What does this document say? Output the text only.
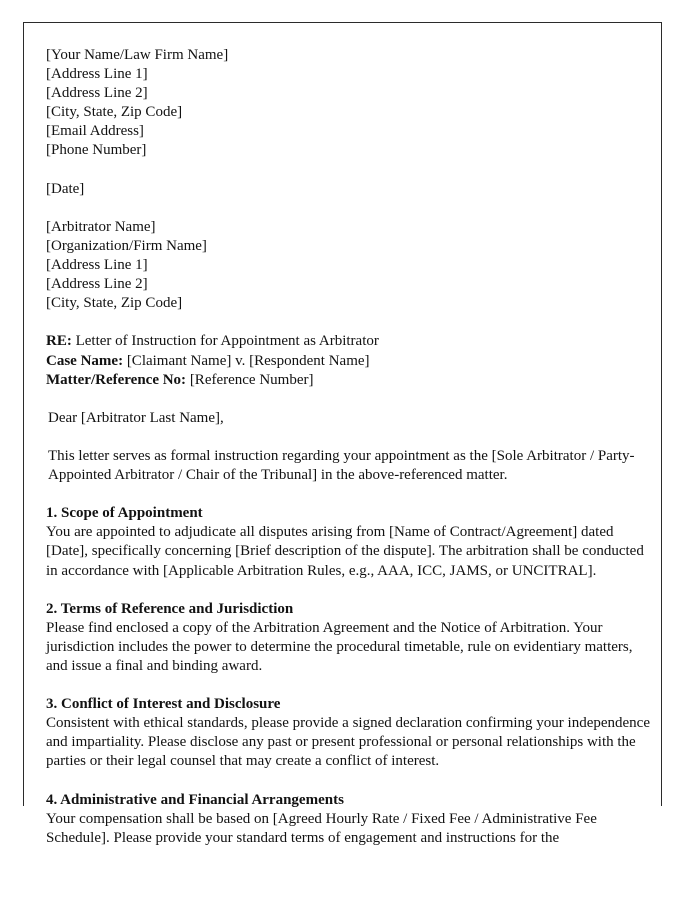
[Your Name/Law Firm Name]
[Address Line 1]
[Address Line 2]
[City, State, Zip Code]
[Email Address]
[Phone Number]
[Date]
[Arbitrator Name]
[Organization/Firm Name]
[Address Line 1]
[Address Line 2]
[City, State, Zip Code]
RE: Letter of Instruction for Appointment as Arbitrator
Case Name: [Claimant Name] v. [Respondent Name]
Matter/Reference No: [Reference Number]
Dear [Arbitrator Last Name],
This letter serves as formal instruction regarding your appointment as the [Sole Arbitrator / Party-Appointed Arbitrator / Chair of the Tribunal] in the above-referenced matter.
1. Scope of Appointment
You are appointed to adjudicate all disputes arising from [Name of Contract/Agreement] dated [Date], specifically concerning [Brief description of the dispute]. The arbitration shall be conducted in accordance with [Applicable Arbitration Rules, e.g., AAA, ICC, JAMS, or UNCITRAL].
2. Terms of Reference and Jurisdiction
Please find enclosed a copy of the Arbitration Agreement and the Notice of Arbitration. Your jurisdiction includes the power to determine the procedural timetable, rule on evidentiary matters, and issue a final and binding award.
3. Conflict of Interest and Disclosure
Consistent with ethical standards, please provide a signed declaration confirming your independence and impartiality. Please disclose any past or present professional or personal relationships with the parties or their legal counsel that may create a conflict of interest.
4. Administrative and Financial Arrangements
Your compensation shall be based on [Agreed Hourly Rate / Fixed Fee / Administrative Fee Schedule]. Please provide your standard terms of engagement and instructions for the
